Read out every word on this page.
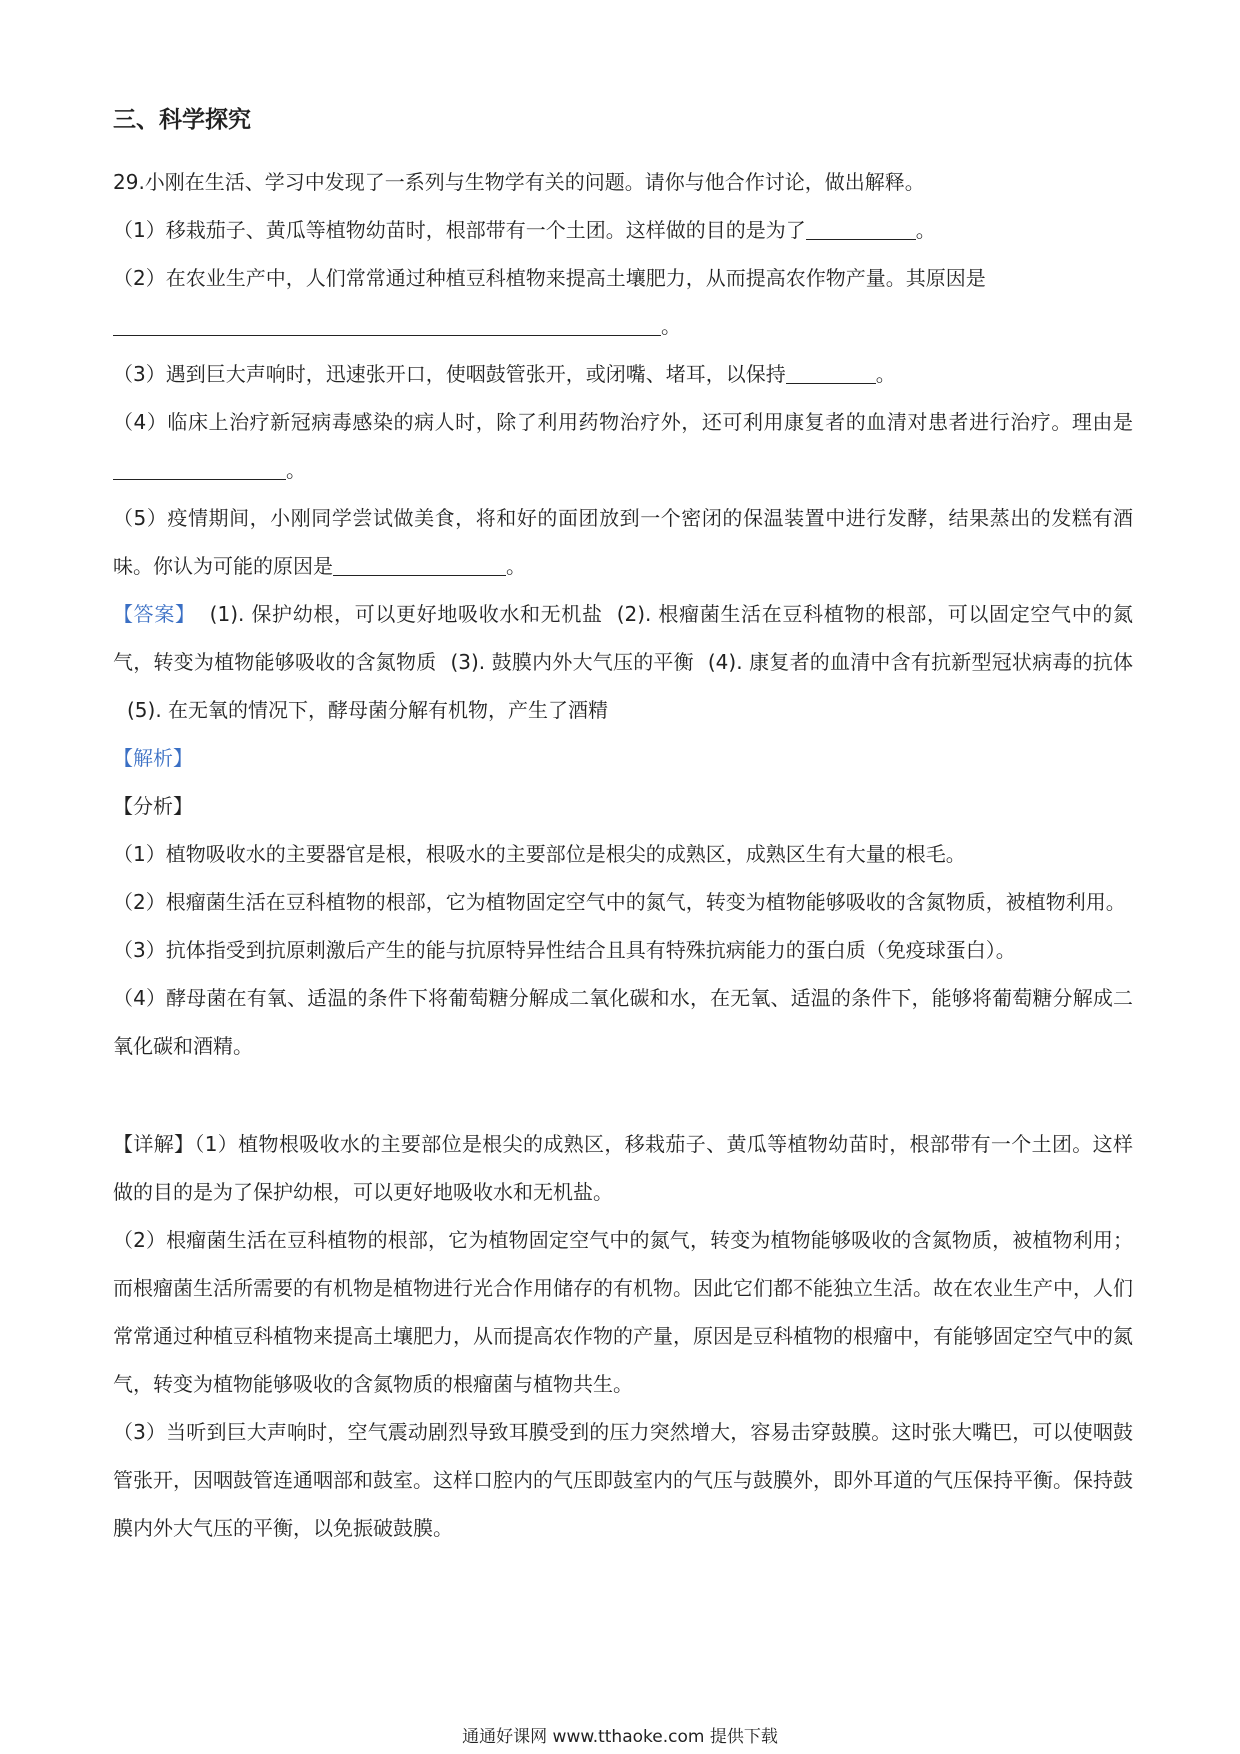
三、科学探究

29.小刚在生活、学习中发现了一系列与生物学有关的问题。请你与他合作讨论，做出解释。

（1）移栽茄子、黄瓜等植物幼苗时，根部带有一个土团。这样做的目的是为了	。

（2）在农业生产中，人们常常通过种植豆科植物来提高土壤肥力，从而提高农作物产量。其原因是
。

（3）遇到巨大声响时，迅速张开口，使咽鼓管张开，或闭嘴、堵耳，以保持	。

（4）临床上治疗新冠病毒感染的病人时，除了利用药物治疗外，还可利用康复者的血清对患者进行治疗。理由是。

（5）疫情期间，小刚同学尝试做美食，将和好的面团放到一个密闭的保温装置中进行发酵，结果蒸出的发糕有酒味。你认为可能的原因是	。

【答案】 (1). 保护幼根，可以更好地吸收水和无机盐 (2). 根瘤菌生活在豆科植物的根部，可以固定空气中的氮气，转变为植物能够吸收的含氮物质 (3). 鼓膜内外大气压的平衡 (4). 康复者的血清中含有抗新型冠状病毒的抗体(5). 在无氧的情况下，酵母菌分解有机物，产生了酒精

【解析】

【分析】

（1）植物吸收水的主要器官是根，根吸水的主要部位是根尖的成熟区，成熟区生有大量的根毛。

（2）根瘤菌生活在豆科植物的根部，它为植物固定空气中的氮气，转变为植物能够吸收的含氮物质，被植物利用。

（3）抗体指受到抗原刺激后产生的能与抗原特异性结合且具有特殊抗病能力的蛋白质（免疫球蛋白）。

（4）酵母菌在有氧、适温的条件下将葡萄糖分解成二氧化碳和水，在无氧、适温的条件下，能够将葡萄糖分解成二氧化碳和酒精。

【详解】（1）植物根吸收水的主要部位是根尖的成熟区，移栽茄子、黄瓜等植物幼苗时，根部带有一个土团。这样做的目的是为了保护幼根，可以更好地吸收水和无机盐。

（2）根瘤菌生活在豆科植物的根部，它为植物固定空气中的氮气，转变为植物能够吸收的含氮物质，被植物利用；而根瘤菌生活所需要的有机物是植物进行光合作用储存的有机物。因此它们都不能独立生活。故在农业生产中，人们常常通过种植豆科植物来提高土壤肥力，从而提高农作物的产量，原因是豆科植物的根瘤中，有能够固定空气中的氮气，转变为植物能够吸收的含氮物质的根瘤菌与植物共生。

（3）当听到巨大声响时，空气震动剧烈导致耳膜受到的压力突然增大，容易击穿鼓膜。这时张大嘴巴，可以使咽鼓管张开，因咽鼓管连通咽部和鼓室。这样口腔内的气压即鼓室内的气压与鼓膜外，即外耳道的气压保持平衡。保持鼓膜内外大气压的平衡，以免振破鼓膜。

通通好课网 www.tthaoke.com 提供下载
